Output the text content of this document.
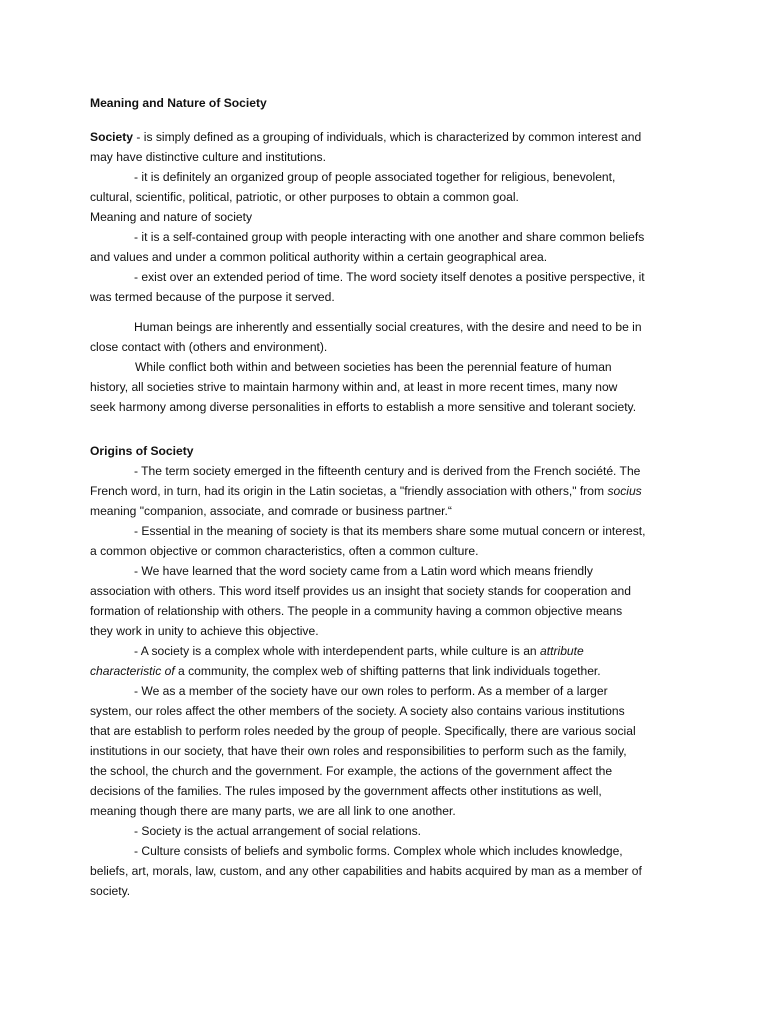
Meaning and Nature of Society
Society - is simply defined as a grouping of individuals, which is characterized by common interest and
may have distinctive culture and institutions.
- it is definitely an organized group of people associated together for religious, benevolent,
cultural, scientific, political, patriotic, or other purposes to obtain a common goal.
Meaning and nature of society
- it is a self-contained group with people interacting with one another and share common beliefs
and values and under a common political authority within a certain geographical area.
- exist over an extended period of time. The word society itself denotes a positive perspective, it
was termed because of the purpose it served.
Human beings are inherently and essentially social creatures, with the desire and need to be in
close contact with (others and environment).
While conflict both within and between societies has been the perennial feature of human
history, all societies strive to maintain harmony within and, at least in more recent times, many now
seek harmony among diverse personalities in efforts to establish a more sensitive and tolerant society.
Origins of Society
- The term society emerged in the fifteenth century and is derived from the French société. The
French word, in turn, had its origin in the Latin societas, a "friendly association with others," from socius
meaning "companion, associate, and comrade or business partner.“
- Essential in the meaning of society is that its members share some mutual concern or interest,
a common objective or common characteristics, often a common culture.
- We have learned that the word society came from a Latin word which means friendly
association with others. This word itself provides us an insight that society stands for cooperation and
formation of relationship with others. The people in a community having a common objective means
they work in unity to achieve this objective.
- A society is a complex whole with interdependent parts, while culture is an attribute
characteristic of a community, the complex web of shifting patterns that link individuals together.
- We as a member of the society have our own roles to perform. As a member of a larger
system, our roles affect the other members of the society. A society also contains various institutions
that are establish to perform roles needed by the group of people. Specifically, there are various social
institutions in our society, that have their own roles and responsibilities to perform such as the family,
the school, the church and the government. For example, the actions of the government affect the
decisions of the families. The rules imposed by the government affects other institutions as well,
meaning though there are many parts, we are all link to one another.
- Society is the actual arrangement of social relations.
- Culture consists of beliefs and symbolic forms. Complex whole which includes knowledge,
beliefs, art, morals, law, custom, and any other capabilities and habits acquired by man as a member of
society.
